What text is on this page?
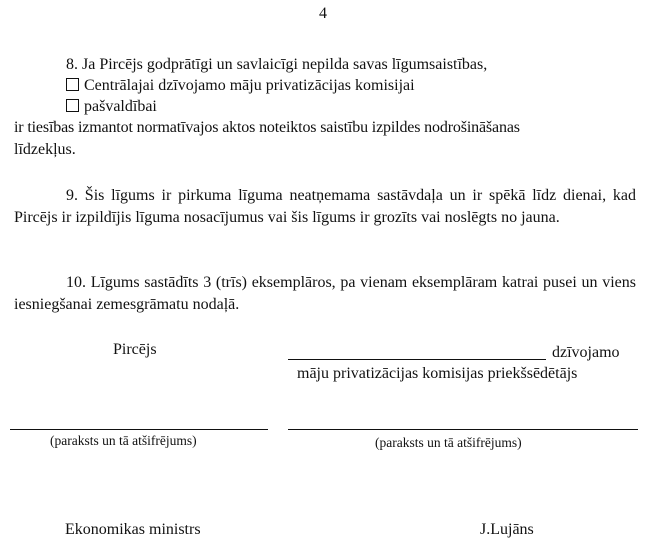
4
8. Ja Pircējs godprātīgi un savlaicīgi nepilda savas līgumsaistības,
Centrālajai dzīvojamo māju privatizācijas komisijai
pašvaldībai
ir tiesības izmantot normatīvajos aktos noteiktos saistību izpildes nodrošināšanas
līdzekļus.
9. Šis līgums ir pirkuma līguma neatņemama sastāvdaļa un ir spēkā līdz dienai, kad Pircējs ir izpildījis līguma nosacījumus vai šis līgums ir grozīts vai noslēgts no jauna.
10. Līgums sastādīts 3 (trīs) eksemplāros, pa vienam eksemplāram katrai pusei un viens iesniegšanai zemesgrāmatu nodaļā.
Pircējs	dzīvojamo
māju privatizācijas komisijas priekšsēdētājs
(paraksts un tā atšifrējums)	(paraksts un tā atšifrējums)
Ekonomikas ministrs	J.Lujāns
